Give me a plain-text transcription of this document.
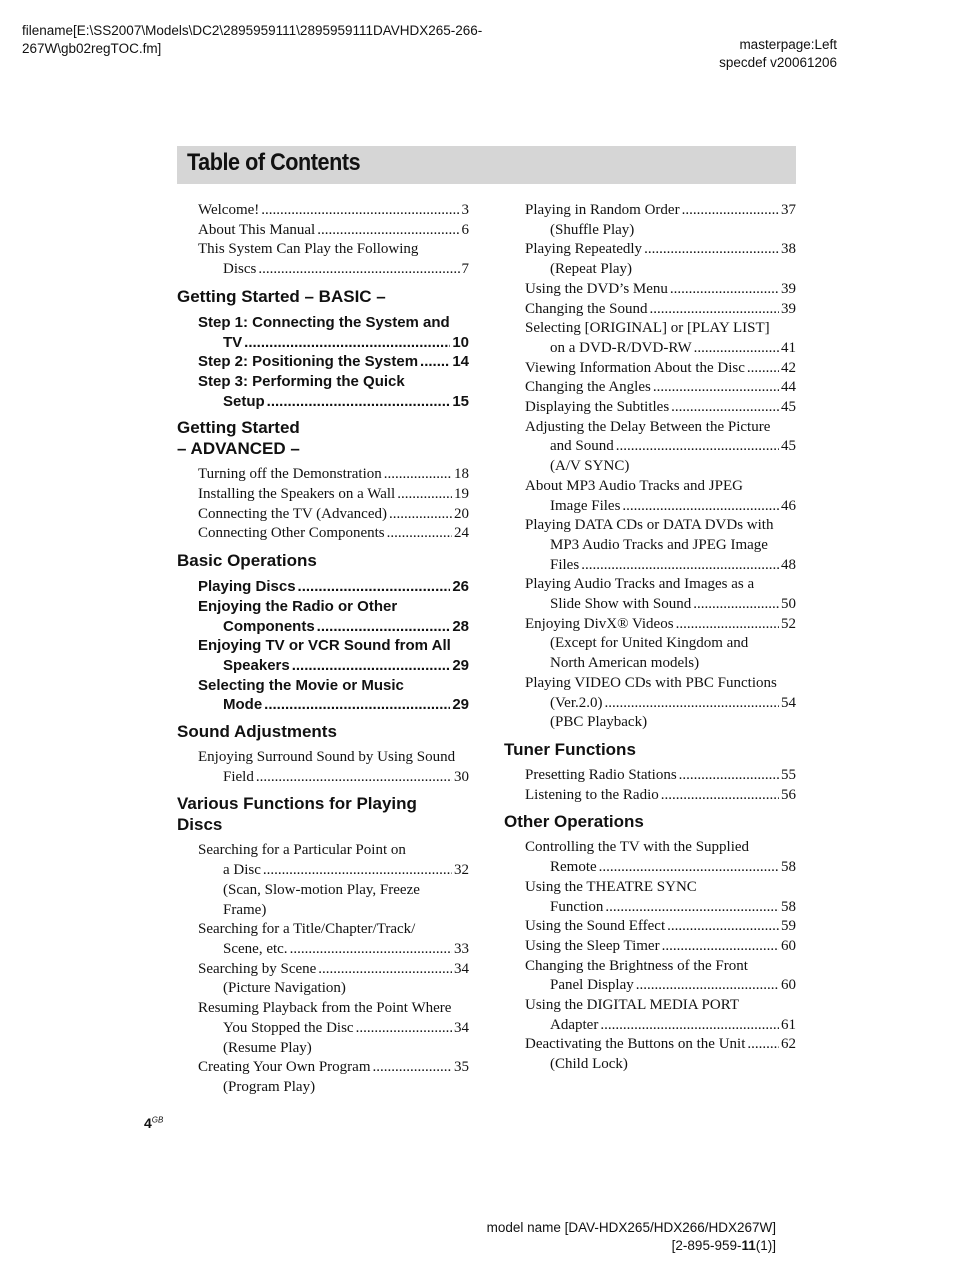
filename[E:\SS2007\Models\DC2\2895959111\2895959111DAVHDX265-266-
267W\gb02regTOC.fm]	masterpage:Left
specdef v20061206
Table of Contents
Welcome! .....	3
About This Manual .....	6
This System Can Play the Following
Discs .....	7
Getting Started – BASIC –
Step 1: Connecting the System and
TV .....	10
Step 2: Positioning the System ..... 14
Step 3: Performing the Quick
Setup .....	15
Getting Started
– ADVANCED –
Turning off the Demonstration .....	18
Installing the Speakers on a Wall .....	19
Connecting the TV (Advanced) .....	20
Connecting Other Components .....	24
Basic Operations
Playing Discs .....	26
Enjoying the Radio or Other
Components .....	28
Enjoying TV or VCR Sound from All
Speakers .....	29
Selecting the Movie or Music
Mode .....	29
Sound Adjustments
Enjoying Surround Sound by Using Sound
Field .....	30
Various Functions for Playing
Discs
Searching for a Particular Point on
a Disc .....	32
(Scan, Slow-motion Play, Freeze
Frame)
Searching for a Title/Chapter/Track/
Scene, etc. .....	33
Searching by Scene .....	34
(Picture Navigation)
Resuming Playback from the Point Where
You Stopped the Disc .....	34
(Resume Play)
Creating Your Own Program .....	35
(Program Play)
Playing in Random Order .....	37
(Shuffle Play)
Playing Repeatedly .....	38
(Repeat Play)
Using the DVD’s Menu .....	39
Changing the Sound .....	39
Selecting [ORIGINAL] or [PLAY LIST]
on a DVD-R/DVD-RW .....	41
Viewing Information About the Disc ..... 42
Changing the Angles .....	44
Displaying the Subtitles .....	45
Adjusting the Delay Between the Picture
and Sound .....	45
(A/V SYNC)
About MP3 Audio Tracks and JPEG
Image Files .....	46
Playing DATA CDs or DATA DVDs with
MP3 Audio Tracks and JPEG Image
Files .....	48
Playing Audio Tracks and Images as a
Slide Show with Sound .....	50
Enjoying DivX® Videos .....	52
(Except for United Kingdom and
North American models)
Playing VIDEO CDs with PBC Functions
(Ver.2.0) .....	54
(PBC Playback)
Tuner Functions
Presetting Radio Stations .....	55
Listening to the Radio .....	56
Other Operations
Controlling the TV with the Supplied
Remote .....	58
Using the THEATRE SYNC
Function .....	58
Using the Sound Effect .....	59
Using the Sleep Timer .....	60
Changing the Brightness of the Front
Panel Display .....	60
Using the DIGITAL MEDIA PORT
Adapter .....	61
Deactivating the Buttons on the Unit ..... 62
(Child Lock)
$4^{GB}$
model name [DAV-HDX265/HDX266/HDX267W]
[2-895-959-11(1)]
